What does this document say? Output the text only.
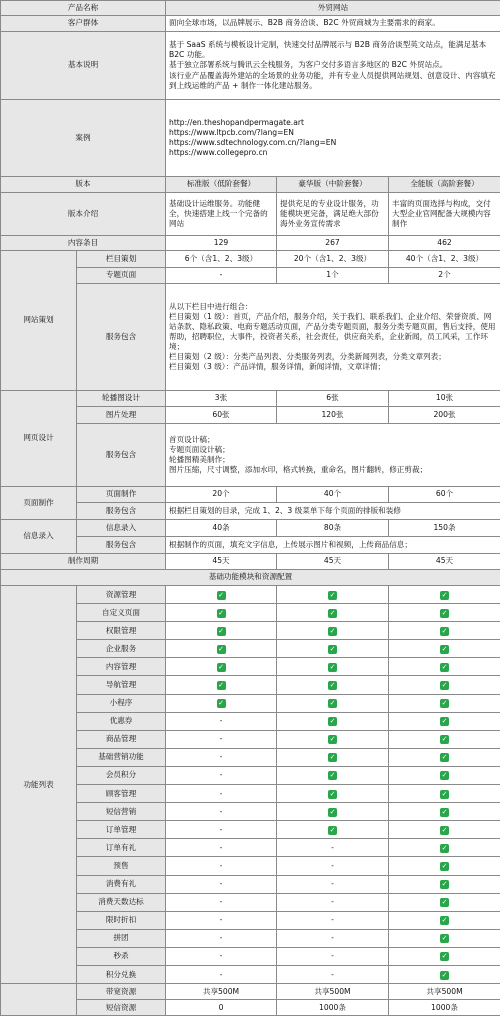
产品名称		外贸网站		
客户群体		面向全球市场，以品牌展示、B2B 商务洽谈、B2C 外贸商城为主要需求的商家。		
基本说明		基于 SaaS 系统与模板设计定制，快速交付品牌展示与 B2B 商务洽谈型英文站点，能满足基本 B2C 功能。
基于独立部署系统与腾讯云全栈服务，为客户交付多语言多地区的 B2C 外贸站点。
该行业产品覆盖海外建站的全场景的业务功能，并有专业人员提供网站规划、创意设计、内容填充到上线运维的产品 + 制作一体化建站服务。		
案例		http://en.theshopandpermagate.art
https://www.ltpcb.com/?lang=EN
https://www.sdtechnology.com.cn/?lang=EN
https://www.collegepro.cn		
版本		标准版（低阶套餐）	豪华版（中阶套餐）	全能版（高阶套餐）
版本介绍		基础设计运维服务。功能健全，快速搭建上线一个完备的网站	提供充足的专业设计服务，功能模块更完备，满足绝大部份海外业务宣传需求	丰富的页面选择与构成，交付大型企业官网配备大规模内容制作
内容条目		129	267	462
网站策划	栏目策划	6个（含1、2、3级）	20个（含1、2、3级）	40个（含1、2、3级）
	专题页面	-	1个	2个
	服务包含	从以下栏目中进行组合：
栏目策划（1 级）：首页，产品介绍，服务介绍，关于我们、联系我们、企业介绍、荣誉资质、网站条款、隐私政策、电商专题活动页面，产品分类专题页面，服务分类专题页面，售后支持，使用帮助，招聘职位，大事件，投资者关系，社会责任，供应商关系，企业新闻，员工风采，工作环境；
栏目策划（2 级）：分类产品列表、分类服务列表，分类新闻列表，分类文章列表；
栏目策划（3 级）：产品详情，服务详情，新闻详情，文章详情；		
网页设计	轮播图设计	3张	6张	10张
	图片处理	60张	120张	200张
	服务包含	首页设计稿；
专题页面设计稿；
轮播图精美制作；
图片压缩，尺寸调整，添加水印，格式转换，重命名，图片翻转，修正剪裁；		
页面制作	页面制作	20个	40个	60个
	服务包含	根据栏目策划的目录，完成 1、2、3 级菜单下每个页面的排版和装修		
信息录入	信息录入	40条	80条	150条
	服务包含	根据制作的页面，填充文字信息，上传展示图片和视频，上传商品信息；		
制作周期		45天	45天	45天
基础功能模块和资源配置				
功能列表	资源管理	✓	✓	✓
	自定义页面	✓	✓	✓
	权限管理	✓	✓	✓
	企业服务	✓	✓	✓
	内容管理	✓	✓	✓
	导航管理	✓	✓	✓
	小程序	✓	✓	✓
	优惠券	-	✓	✓
	商品管理	-	✓	✓
	基础营销功能	-	✓	✓
	会员积分	-	✓	✓
	顾客管理	-	✓	✓
	短信营销	-	✓	✓
	订单管理	-	✓	✓
	订单有礼	-	-	✓
	预售	-	-	✓
	消费有礼	-	-	✓
	消费天数达标	-	-	✓
	限时折扣	-	-	✓
	拼团	-	-	✓
	秒杀	-	-	✓
	积分兑换	-	-	✓
	带宽资源	共享500M	共享500M	共享500M
	短信资源	0	1000条	1000条
